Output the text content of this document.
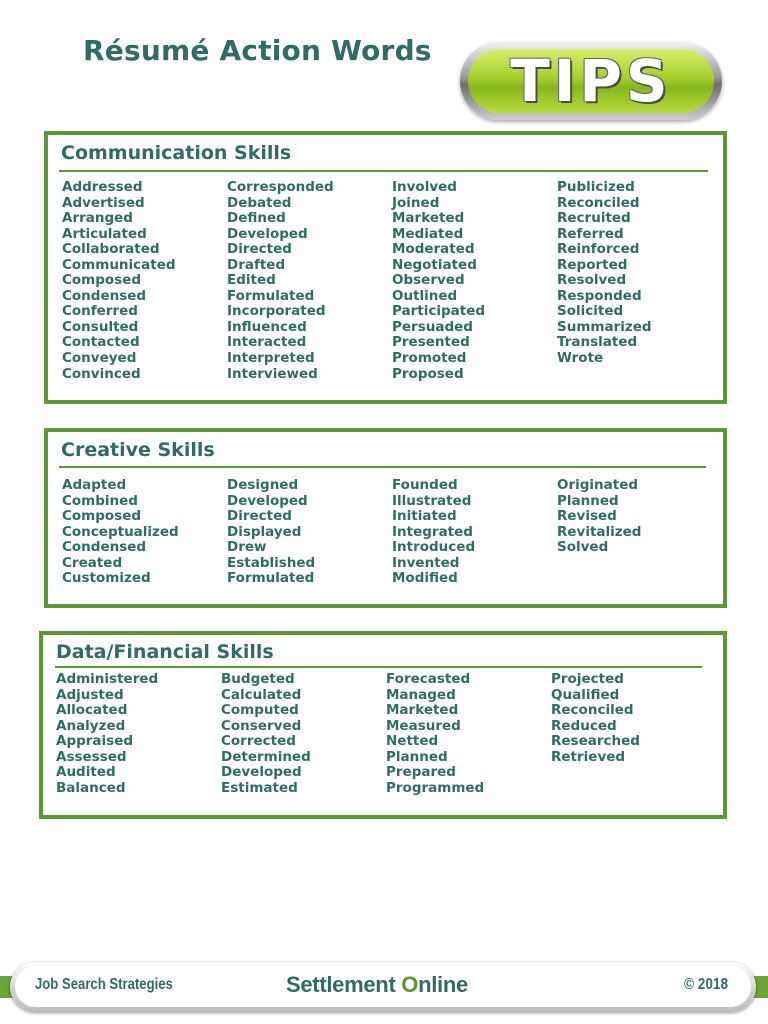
Résumé Action Words TIPS
Communication Skills
Addressed
Advertised
Arranged
Articulated
Collaborated
Communicated
Composed
Condensed
Conferred
Consulted
Contacted
Conveyed
Convinced
Corresponded
Debated
Defined
Developed
Directed
Drafted
Edited
Formulated
Incorporated
Influenced
Interacted
Interpreted
Interviewed
Involved
Joined
Marketed
Mediated
Moderated
Negotiated
Observed
Outlined
Participated
Persuaded
Presented
Promoted
Proposed
Publicized
Reconciled
Recruited
Referred
Reinforced
Reported
Resolved
Responded
Solicited
Summarized
Translated
Wrote
Creative Skills
Adapted
Combined
Composed
Conceptualized
Condensed
Created
Customized
Designed
Developed
Directed
Displayed
Drew
Established
Formulated
Founded
Illustrated
Initiated
Integrated
Introduced
Invented
Modified
Originated
Planned
Revised
Revitalized
Solved
Data/Financial Skills
Administered
Adjusted
Allocated
Analyzed
Appraised
Assessed
Audited
Balanced
Budgeted
Calculated
Computed
Conserved
Corrected
Determined
Developed
Estimated
Forecasted
Managed
Marketed
Measured
Netted
Planned
Prepared
Programmed
Projected
Qualified
Reconciled
Reduced
Researched
Retrieved
Job Search Strategies	Settlement Online	© 2018
